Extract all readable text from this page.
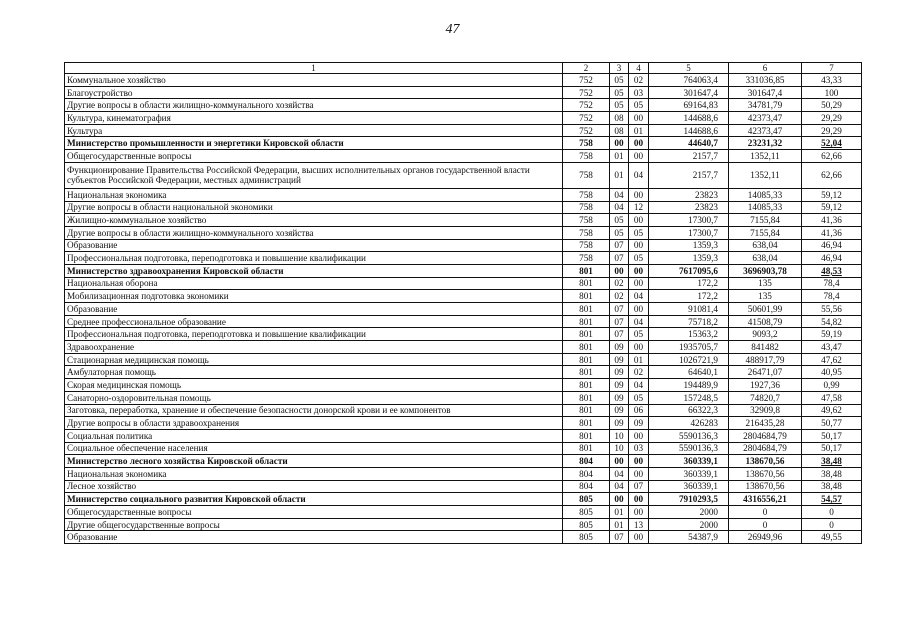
47
1	2	3	4	5	6	7
Коммунальное хозяйство	752	05	02	764063,4	331036,85	43,33
Благоустройство	752	05	03	301647,4	301647,4	100
Другие вопросы в области жилищно-коммунального хозяйства	752	05	05	69164,83	34781,79	50,29
Культура, кинематография	752	08	00	144688,6	42373,47	29,29
Культура	752	08	01	144688,6	42373,47	29,29
Министерство промышленности и энергетики Кировской области	758	00	00	44640,7	23231,32	52,04
Общегосударственные вопросы	758	01	00	2157,7	1352,11	62,66
Функционирование Правительства Российской Федерации, высших исполнительных органов государственной власти субъектов Российской Федерации, местных администраций	758	01	04	2157,7	1352,11	62,66
Национальная экономика	758	04	00	23823	14085,33	59,12
Другие вопросы в области национальной экономики	758	04	12	23823	14085,33	59,12
Жилищно-коммунальное хозяйство	758	05	00	17300,7	7155,84	41,36
Другие вопросы в области жилищно-коммунального хозяйства	758	05	05	17300,7	7155,84	41,36
Образование	758	07	00	1359,3	638,04	46,94
Профессиональная подготовка, переподготовка и повышение квалификации	758	07	05	1359,3	638,04	46,94
Министерство здравоохранения Кировской области	801	00	00	7617095,6	3696903,78	48,53
Национальная оборона	801	02	00	172,2	135	78,4
Мобилизационная подготовка экономики	801	02	04	172,2	135	78,4
Образование	801	07	00	91081,4	50601,99	55,56
Среднее профессиональное образование	801	07	04	75718,2	41508,79	54,82
Профессиональная подготовка, переподготовка и повышение квалификации	801	07	05	15363,2	9093,2	59,19
Здравоохранение	801	09	00	1935705,7	841482	43,47
Стационарная медицинская помощь	801	09	01	1026721,9	488917,79	47,62
Амбулаторная помощь	801	09	02	64640,1	26471,07	40,95
Скорая медицинская помощь	801	09	04	194489,9	1927,36	0,99
Санаторно-оздоровительная помощь	801	09	05	157248,5	74820,7	47,58
Заготовка, переработка, хранение и обеспечение безопасности донорской крови и ее компонентов	801	09	06	66322,3	32909,8	49,62
Другие вопросы в области здравоохранения	801	09	09	426283	216435,28	50,77
Социальная политика	801	10	00	5590136,3	2804684,79	50,17
Социальное обеспечение населения	801	10	03	5590136,3	2804684,79	50,17
Министерство лесного хозяйства Кировской области	804	00	00	360339,1	138670,56	38,48
Национальная экономика	804	04	00	360339,1	138670,56	38,48
Лесное хозяйство	804	04	07	360339,1	138670,56	38,48
Министерство социального развития Кировской области	805	00	00	7910293,5	4316556,21	54,57
Общегосударственные вопросы	805	01	00	2000	0	0
Другие общегосударственные вопросы	805	01	13	2000	0	0
Образование	805	07	00	54387,9	26949,96	49,55
